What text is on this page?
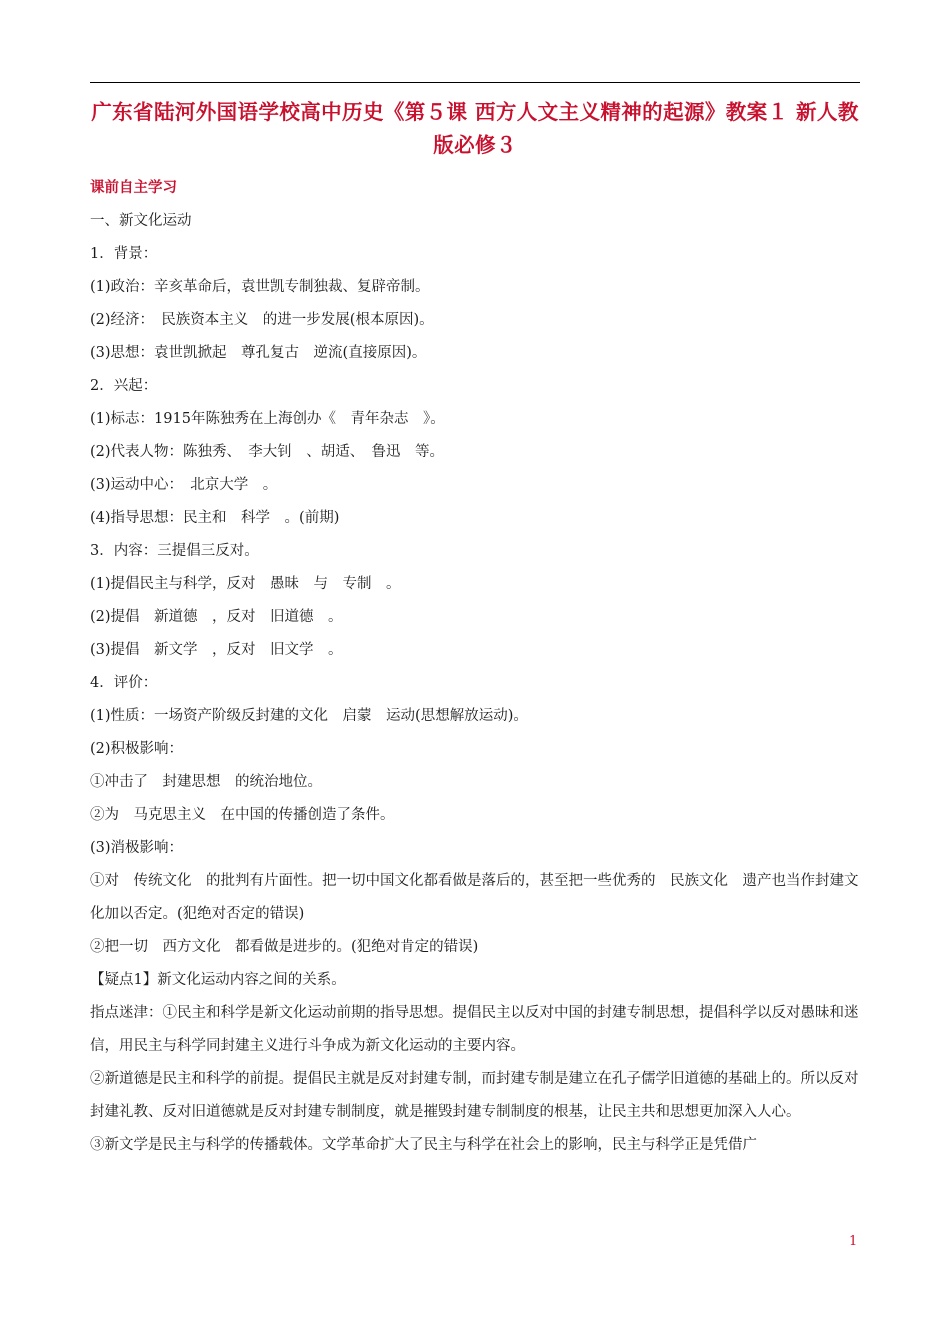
广东省陆河外国语学校高中历史《第５课 西方人文主义精神的起源》教案１ 新人教版必修３
课前自主学习
一、新文化运动
1．背景：
(1)政治：辛亥革命后，袁世凯专制独裁、复辟帝制。
(2)经济：　民族资本主义　的进一步发展(根本原因)。
(3)思想：袁世凯掀起　尊孔复古　逆流(直接原因)。
2．兴起：
(1)标志：1915年陈独秀在上海创办《　青年杂志　》。
(2)代表人物：陈独秀、　李大钊　、胡适、　鲁迅　等。
(3)运动中心：　北京大学　。
(4)指导思想：民主和　科学　。(前期)
3．内容：三提倡三反对。
(1)提倡民主与科学，反对　愚昧　与　专制　。
(2)提倡　新道德　，反对　旧道德　。
(3)提倡　新文学　，反对　旧文学　。
4．评价：
(1)性质：一场资产阶级反封建的文化　启蒙　运动(思想解放运动)。
(2)积极影响：
①冲击了　封建思想　的统治地位。
②为　马克思主义　在中国的传播创造了条件。
(3)消极影响：
①对　传统文化　的批判有片面性。把一切中国文化都看做是落后的，甚至把一些优秀的　民族文化　遗产也当作封建文化加以否定。(犯绝对否定的错误)
②把一切　西方文化　都看做是进步的。(犯绝对肯定的错误)
【疑点1】新文化运动内容之间的关系。
指点迷津：①民主和科学是新文化运动前期的指导思想。提倡民主以反对中国的封建专制思想，提倡科学以反对愚昧和迷信，用民主与科学同封建主义进行斗争成为新文化运动的主要内容。
②新道德是民主和科学的前提。提倡民主就是反对封建专制，而封建专制是建立在孔子儒学旧道德的基础上的。所以反对封建礼教、反对旧道德就是反对封建专制制度，就是摧毁封建专制制度的根基，让民主共和思想更加深入人心。
③新文学是民主与科学的传播载体。文学革命扩大了民主与科学在社会上的影响，民主与科学正是凭借广
1
